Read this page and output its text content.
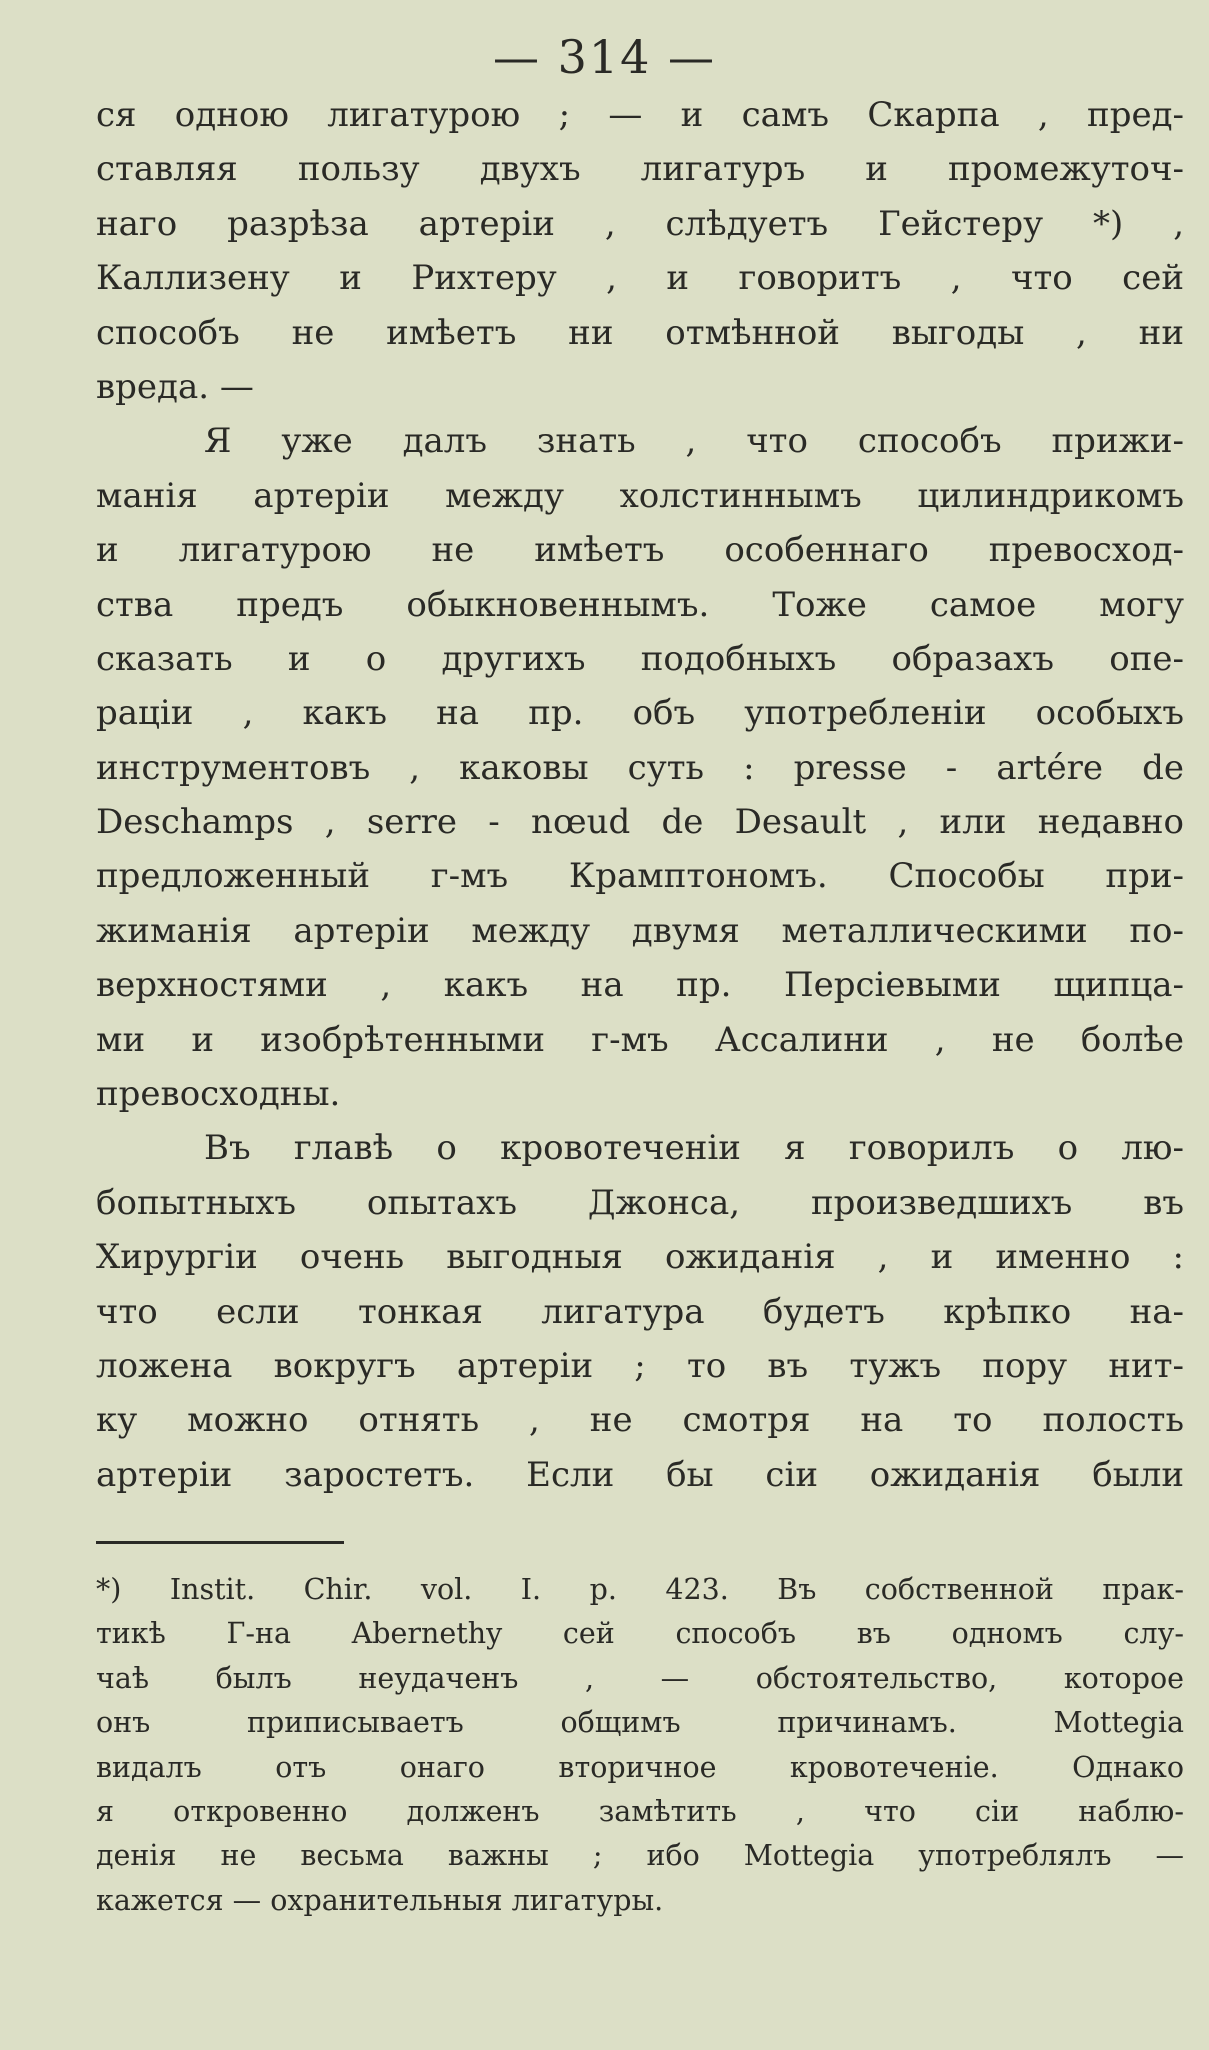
— 314 —
ся одною лигатурою ; — и самъ Скарпа , пред-
ставляя пользу двухъ лигатуръ и промежуточ-
наго разрѣза артеріи , слѣдуетъ Гейстеру *) ,
Каллизену и Рихтеру , и говоритъ , что сей
способъ не имѣетъ ни отмѣнной выгоды , ни
вреда. —
Я уже далъ знать , что способъ прижи-
манія артеріи между холстиннымъ цилиндрикомъ
и лигатурою не имѣетъ особеннаго превосход-
ства предъ обыкновеннымъ. Тоже самое могу
сказать и о другихъ подобныхъ образахъ опе-
раціи , какъ на пр. объ употребленіи особыхъ
инструментовъ , каковы суть : presse - artére de
Deschamps , serre - nœud de Desault , или недавно
предложенный г-мъ Крамптономъ. Способы при-
жиманія артеріи между двумя металлическими по-
верхностями , какъ на пр. Персіевыми щипца-
ми и изобрѣтенными г-мъ Ассалини , не болѣе
превосходны.
Въ главѣ о кровотеченіи я говорилъ о лю-
бопытныхъ опытахъ Джонса, произведшихъ въ
Хирургіи очень выгодныя ожиданія , и именно :
что если тонкая лигатура будетъ крѣпко на-
ложена вокругъ артеріи ; то въ тужъ пору нит-
ку можно отнять , не смотря на то полость
артеріи заростетъ. Если бы сіи ожиданія были
*) Instit. Chir. vol. I. p. 423. Въ собственной прак-
тикѣ Г-на Abernethy сей способъ въ одномъ слу-
чаѣ былъ неудаченъ , — обстоятельство, которое
онъ приписываетъ общимъ причинамъ. Mottegia
видалъ отъ онаго вторичное кровотеченіе. Однако
я откровенно долженъ замѣтить , что сіи наблю-
денія не весьма важны ; ибо Mottegia употреблялъ —
кажется — охранительныя лигатуры.
